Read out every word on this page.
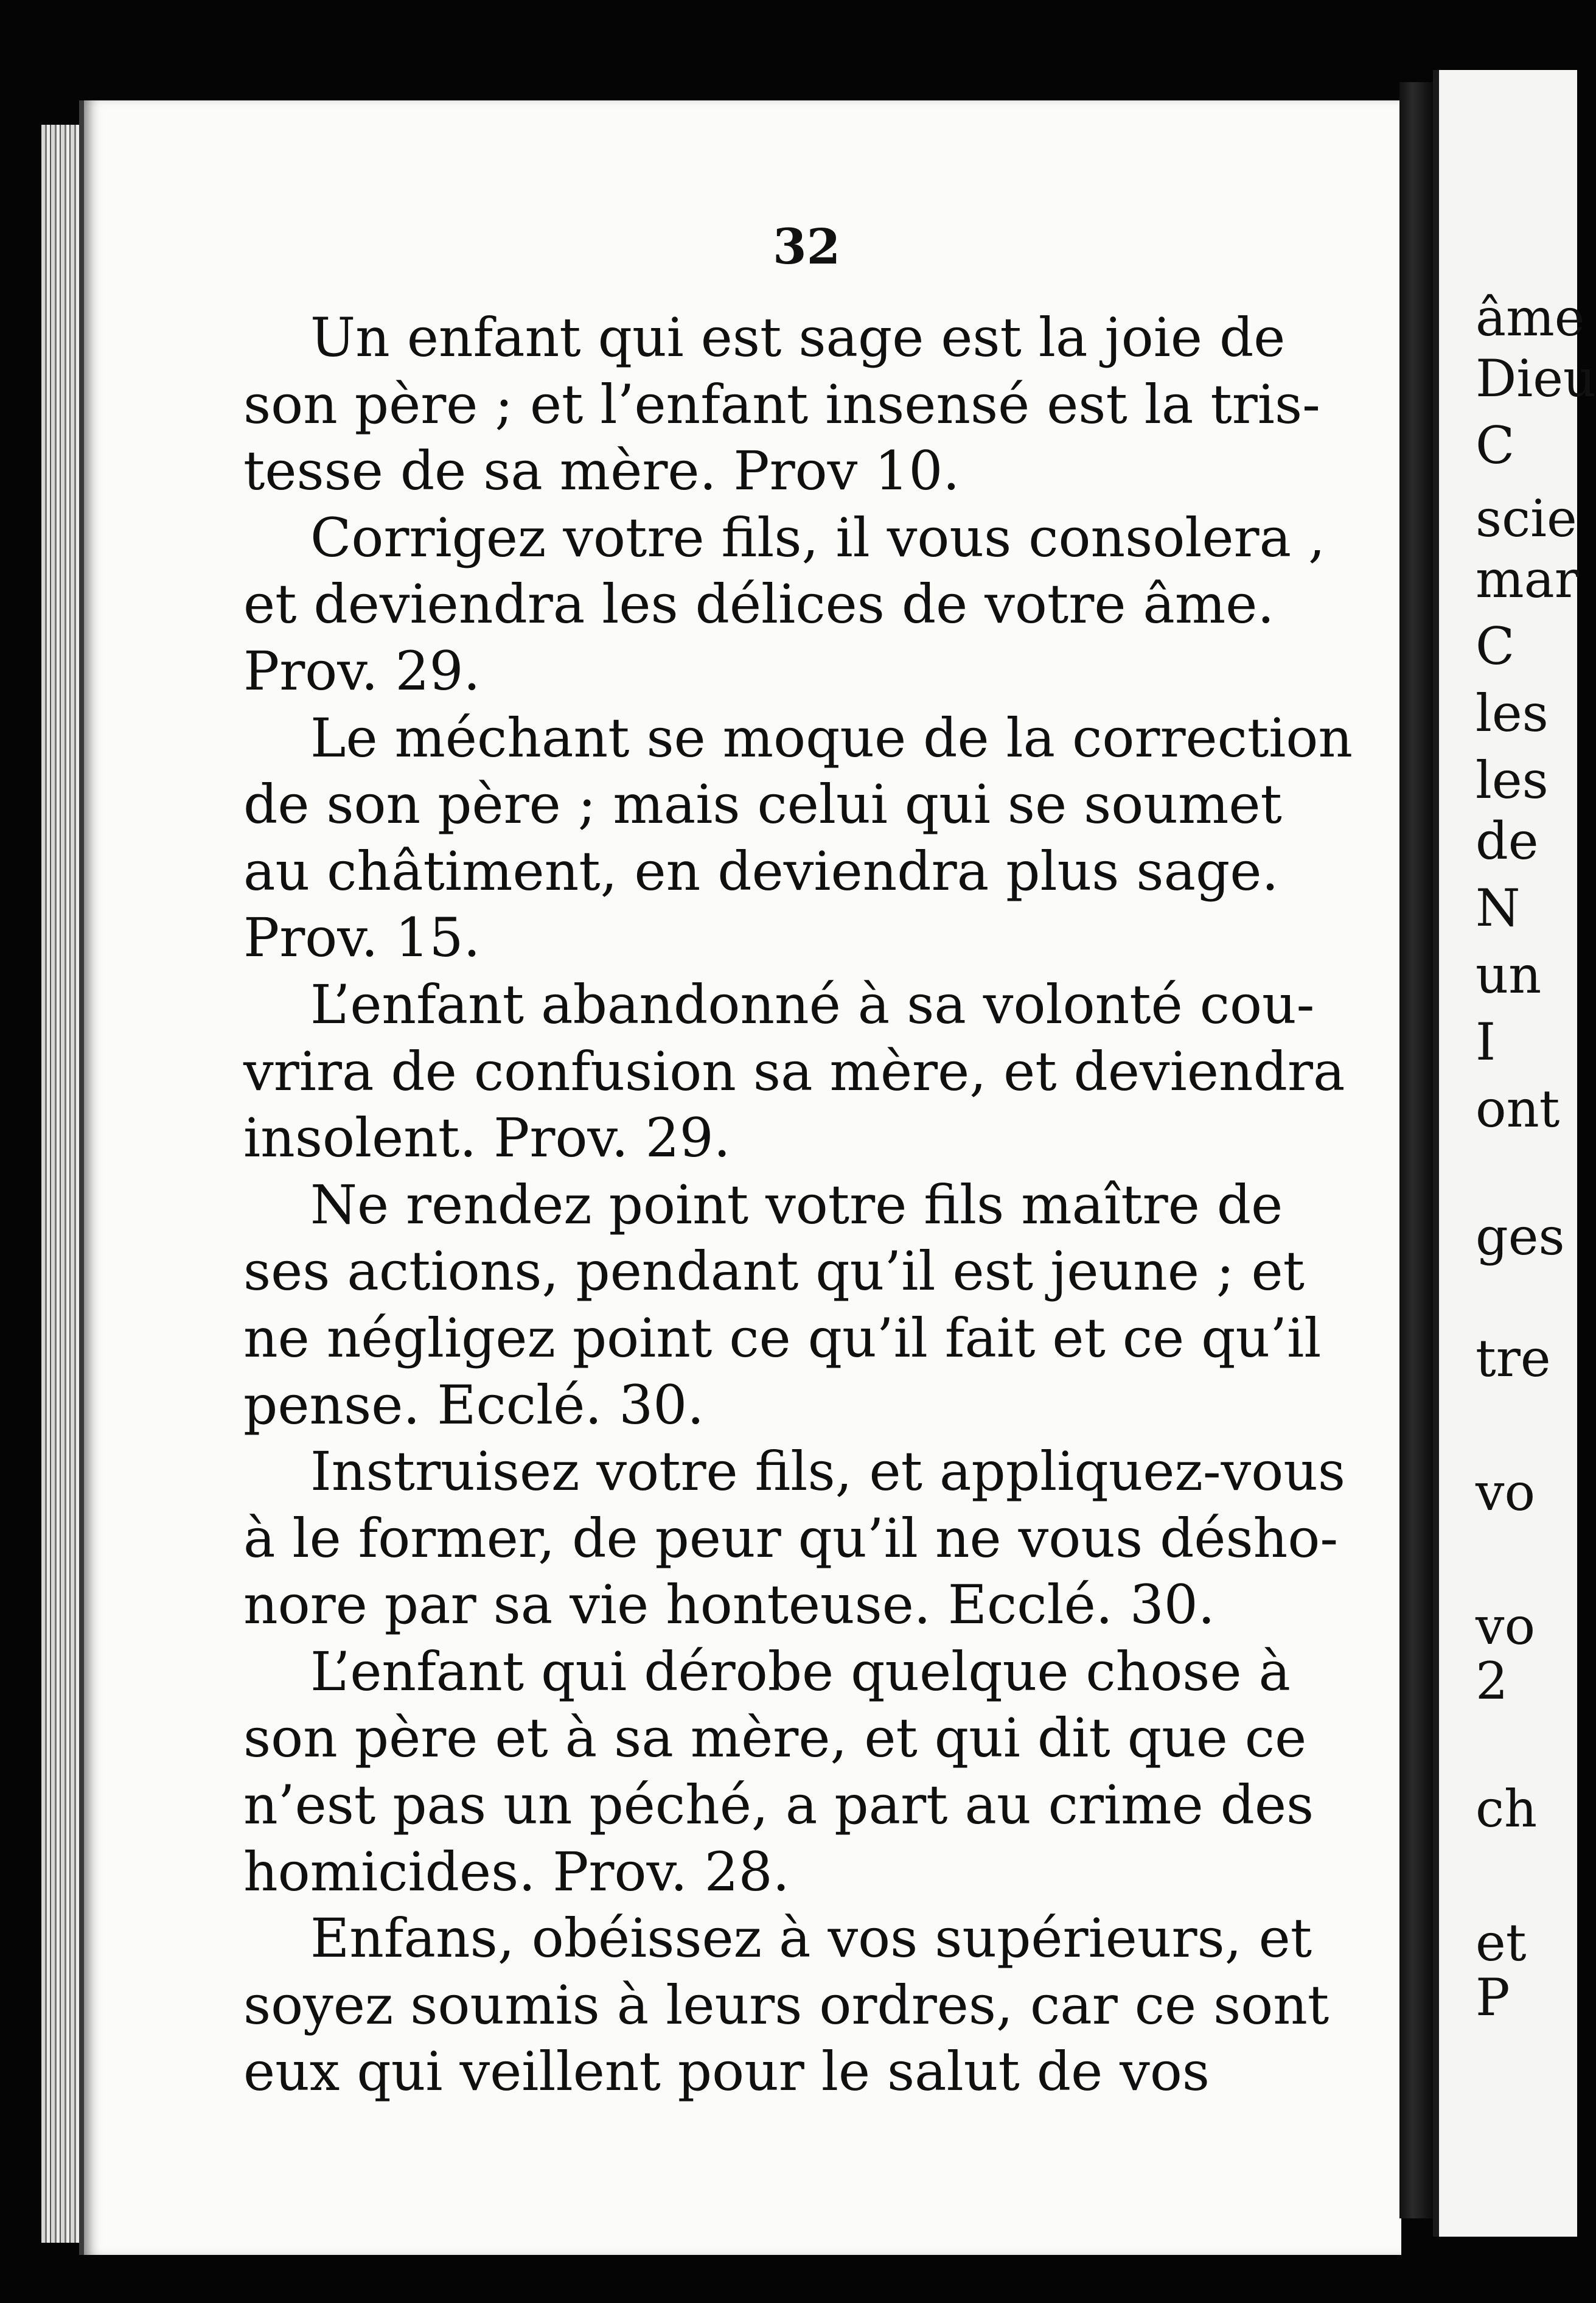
32

Un enfant qui est sage est la joie de
son père ; et l’enfant insensé est la tris-
tesse de sa mère. Prov 10.
Corrigez votre fils, il vous consolera ,
et deviendra les délices de votre âme.
Prov. 29.
Le méchant se moque de la correction
de son père ; mais celui qui se soumet
au châtiment, en deviendra plus sage.
Prov. 15.
L’enfant abandonné à sa volonté cou-
vrira de confusion sa mère, et deviendra
insolent. Prov. 29.
Ne rendez point votre fils maître de
ses actions, pendant qu’il est jeune ; et
ne négligez point ce qu’il fait et ce qu’il
pense. Ecclé. 30.
Instruisez votre fils, et appliquez-vous
à le former, de peur qu’il ne vous désho-
nore par sa vie honteuse. Ecclé. 30.
L’enfant qui dérobe quelque chose à
son père et à sa mère, et qui dit que ce
n’est pas un péché, a part au crime des
homicides. Prov. 28.
Enfans, obéissez à vos supérieurs, et
soyez soumis à leurs ordres, car ce sont
eux qui veillent pour le salut de vos
âme
Dieu
C
scie
mar
C
les
les
de
N
un
I
ont
ges
tre
vo
vo
2
ch
et
P
